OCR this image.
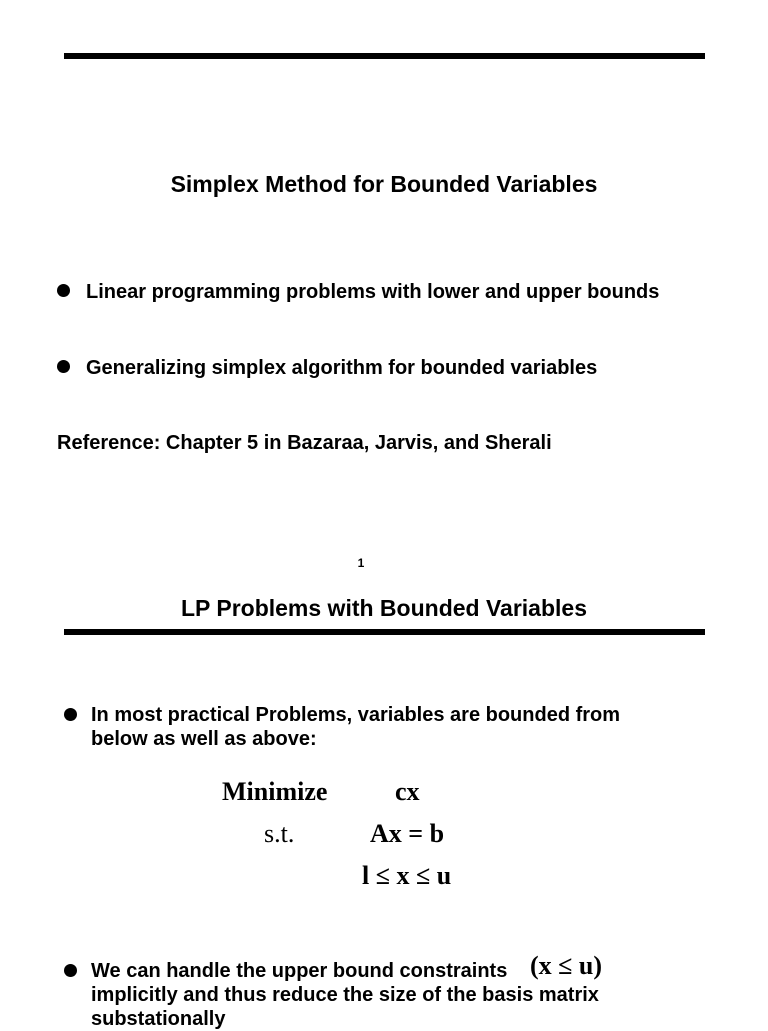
Simplex Method for Bounded Variables
Linear programming problems with lower and upper bounds
Generalizing simplex algorithm for bounded variables
Reference: Chapter 5 in Bazaraa, Jarvis, and Sherali
1
LP Problems with Bounded Variables
In most practical Problems, variables are bounded from
below as well as above:
Minimize	cx
s.t.	Ax = b
l ≤ x ≤ u
We can handle the upper bound constraints
implicitly and thus reduce the size of the basis matrix
substationally
(x ≤ u)
